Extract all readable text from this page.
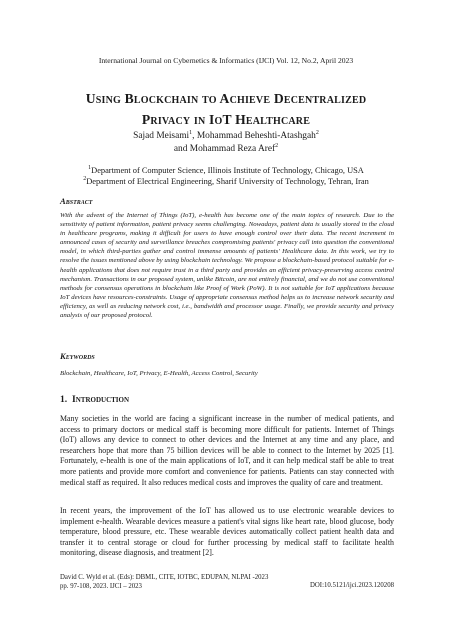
International Journal on Cybernetics & Informatics (IJCI) Vol. 12, No.2, April 2023
Using Blockchain to Achieve Decentralized
Privacy in IoT Healthcare
Sajad Meisami$^1$, Mohammad Beheshti-Atashgah$^2$
and Mohammad Reza Aref$^2$
$^1$Department of Computer Science, Illinois Institute of Technology, Chicago, USA
$^2$Department of Electrical Engineering, Sharif University of Technology, Tehran, Iran
Abstract
With the advent of the Internet of Things (IoT), e-health has become one of the main topics of research. Due to the sensitivity of patient information, patient privacy seems challenging. Nowadays, patient data is usually stored in the cloud in healthcare programs, making it difficult for users to have enough control over their data. The recent increment in announced cases of security and surveillance breaches compromising patients' privacy call into question the conventional model, in which third-parties gather and control immense amounts of patients' Healthcare data. In this work, we try to resolve the issues mentioned above by using blockchain technology. We propose a blockchain-based protocol suitable for e-health applications that does not require trust in a third party and provides an efficient privacy-preserving access control mechanism. Transactions in our proposed system, unlike Bitcoin, are not entirely financial, and we do not use conventional methods for consensus operations in blockchain like Proof of Work (PoW). It is not suitable for IoT applications because IoT devices have resources-constraints. Usage of appropriate consensus method helps us to increase network security and efficiency, as well as reducing network cost, i.e., bandwidth and processor usage. Finally, we provide security and privacy analysis of our proposed protocol.
Keywords
Blockchain, Healthcare, IoT, Privacy, E-Health, Access Control, Security
1. Introduction
Many societies in the world are facing a significant increase in the number of medical patients, and access to primary doctors or medical staff is becoming more difficult for patients. Internet of Things (IoT) allows any device to connect to other devices and the Internet at any time and any place, and researchers hope that more than 75 billion devices will be able to connect to the Internet by 2025 [1]. Fortunately, e-health is one of the main applications of IoT, and it can help medical staff be able to treat more patients and provide more comfort and convenience for patients. Patients can stay connected with medical staff as required. It also reduces medical costs and improves the quality of care and treatment.
In recent years, the improvement of the IoT has allowed us to use electronic wearable devices to implement e-health. Wearable devices measure a patient's vital signs like heart rate, blood glucose, body temperature, blood pressure, etc. These wearable devices automatically collect patient health data and transfer it to central storage or cloud for further processing by medical staff to facilitate health monitoring, disease diagnosis, and treatment [2].
David C. Wyld et al. (Eds): DBML, CITE, IOTBC, EDUPAN, NLPAI -2023
pp. 97-108, 2023. IJCI – 2023	DOI:10.5121/ijci.2023.120208
